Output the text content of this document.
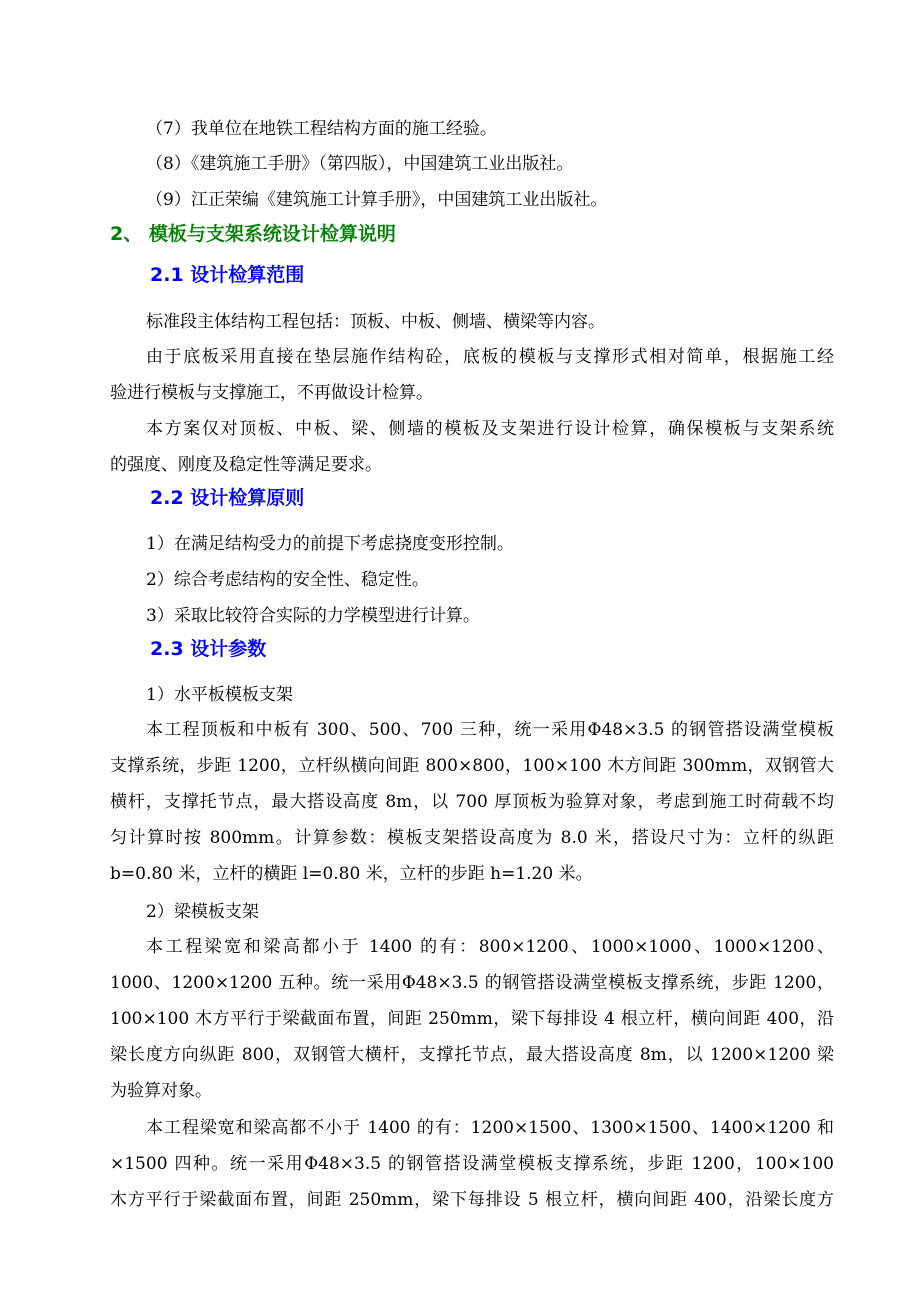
（7）我单位在地铁工程结构方面的施工经验。
（8）《建筑施工手册》（第四版），中国建筑工业出版社。
（9）江正荣编《建筑施工计算手册》，中国建筑工业出版社。
2、 模板与支架系统设计检算说明
2.1 设计检算范围
标准段主体结构工程包括：顶板、中板、侧墙、横梁等内容。
由于底板采用直接在垫层施作结构砼，底板的模板与支撑形式相对简单，根据施工经
验进行模板与支撑施工，不再做设计检算。
本方案仅对顶板、中板、梁、侧墙的模板及支架进行设计检算，确保模板与支架系统
的强度、刚度及稳定性等满足要求。
2.2 设计检算原则
1）在满足结构受力的前提下考虑挠度变形控制。
2）综合考虑结构的安全性、稳定性。
3）采取比较符合实际的力学模型进行计算。
2.3 设计参数
1）水平板模板支架
本工程顶板和中板有 300、500、700 三种，统一采用Φ48×3.5 的钢管搭设满堂模板
支撑系统，步距 1200，立杆纵横向间距 800×800，100×100 木方间距 300mm，双钢管大
横杆，支撑托节点，最大搭设高度 8m，以 700 厚顶板为验算对象，考虑到施工时荷载不均
匀计算时按 800mm。计算参数：模板支架搭设高度为 8.0 米，搭设尺寸为：立杆的纵距
b=0.80 米，立杆的横距 l=0.80 米，立杆的步距 h=1.20 米。
2）梁模板支架
本工程梁宽和梁高都小于 1400 的有：800×1200、1000×1000、1000×1200、
1000、1200×1200 五种。统一采用Φ48×3.5 的钢管搭设满堂模板支撑系统，步距 1200，
100×100 木方平行于梁截面布置，间距 250mm，梁下每排设 4 根立杆，横向间距 400，沿
梁长度方向纵距 800，双钢管大横杆，支撑托节点，最大搭设高度 8m，以 1200×1200 梁
为验算对象。
本工程梁宽和梁高都不小于 1400 的有：1200×1500、1300×1500、1400×1200 和
×1500 四种。统一采用Φ48×3.5 的钢管搭设满堂模板支撑系统，步距 1200，100×100
木方平行于梁截面布置，间距 250mm，梁下每排设 5 根立杆，横向间距 400，沿梁长度方
